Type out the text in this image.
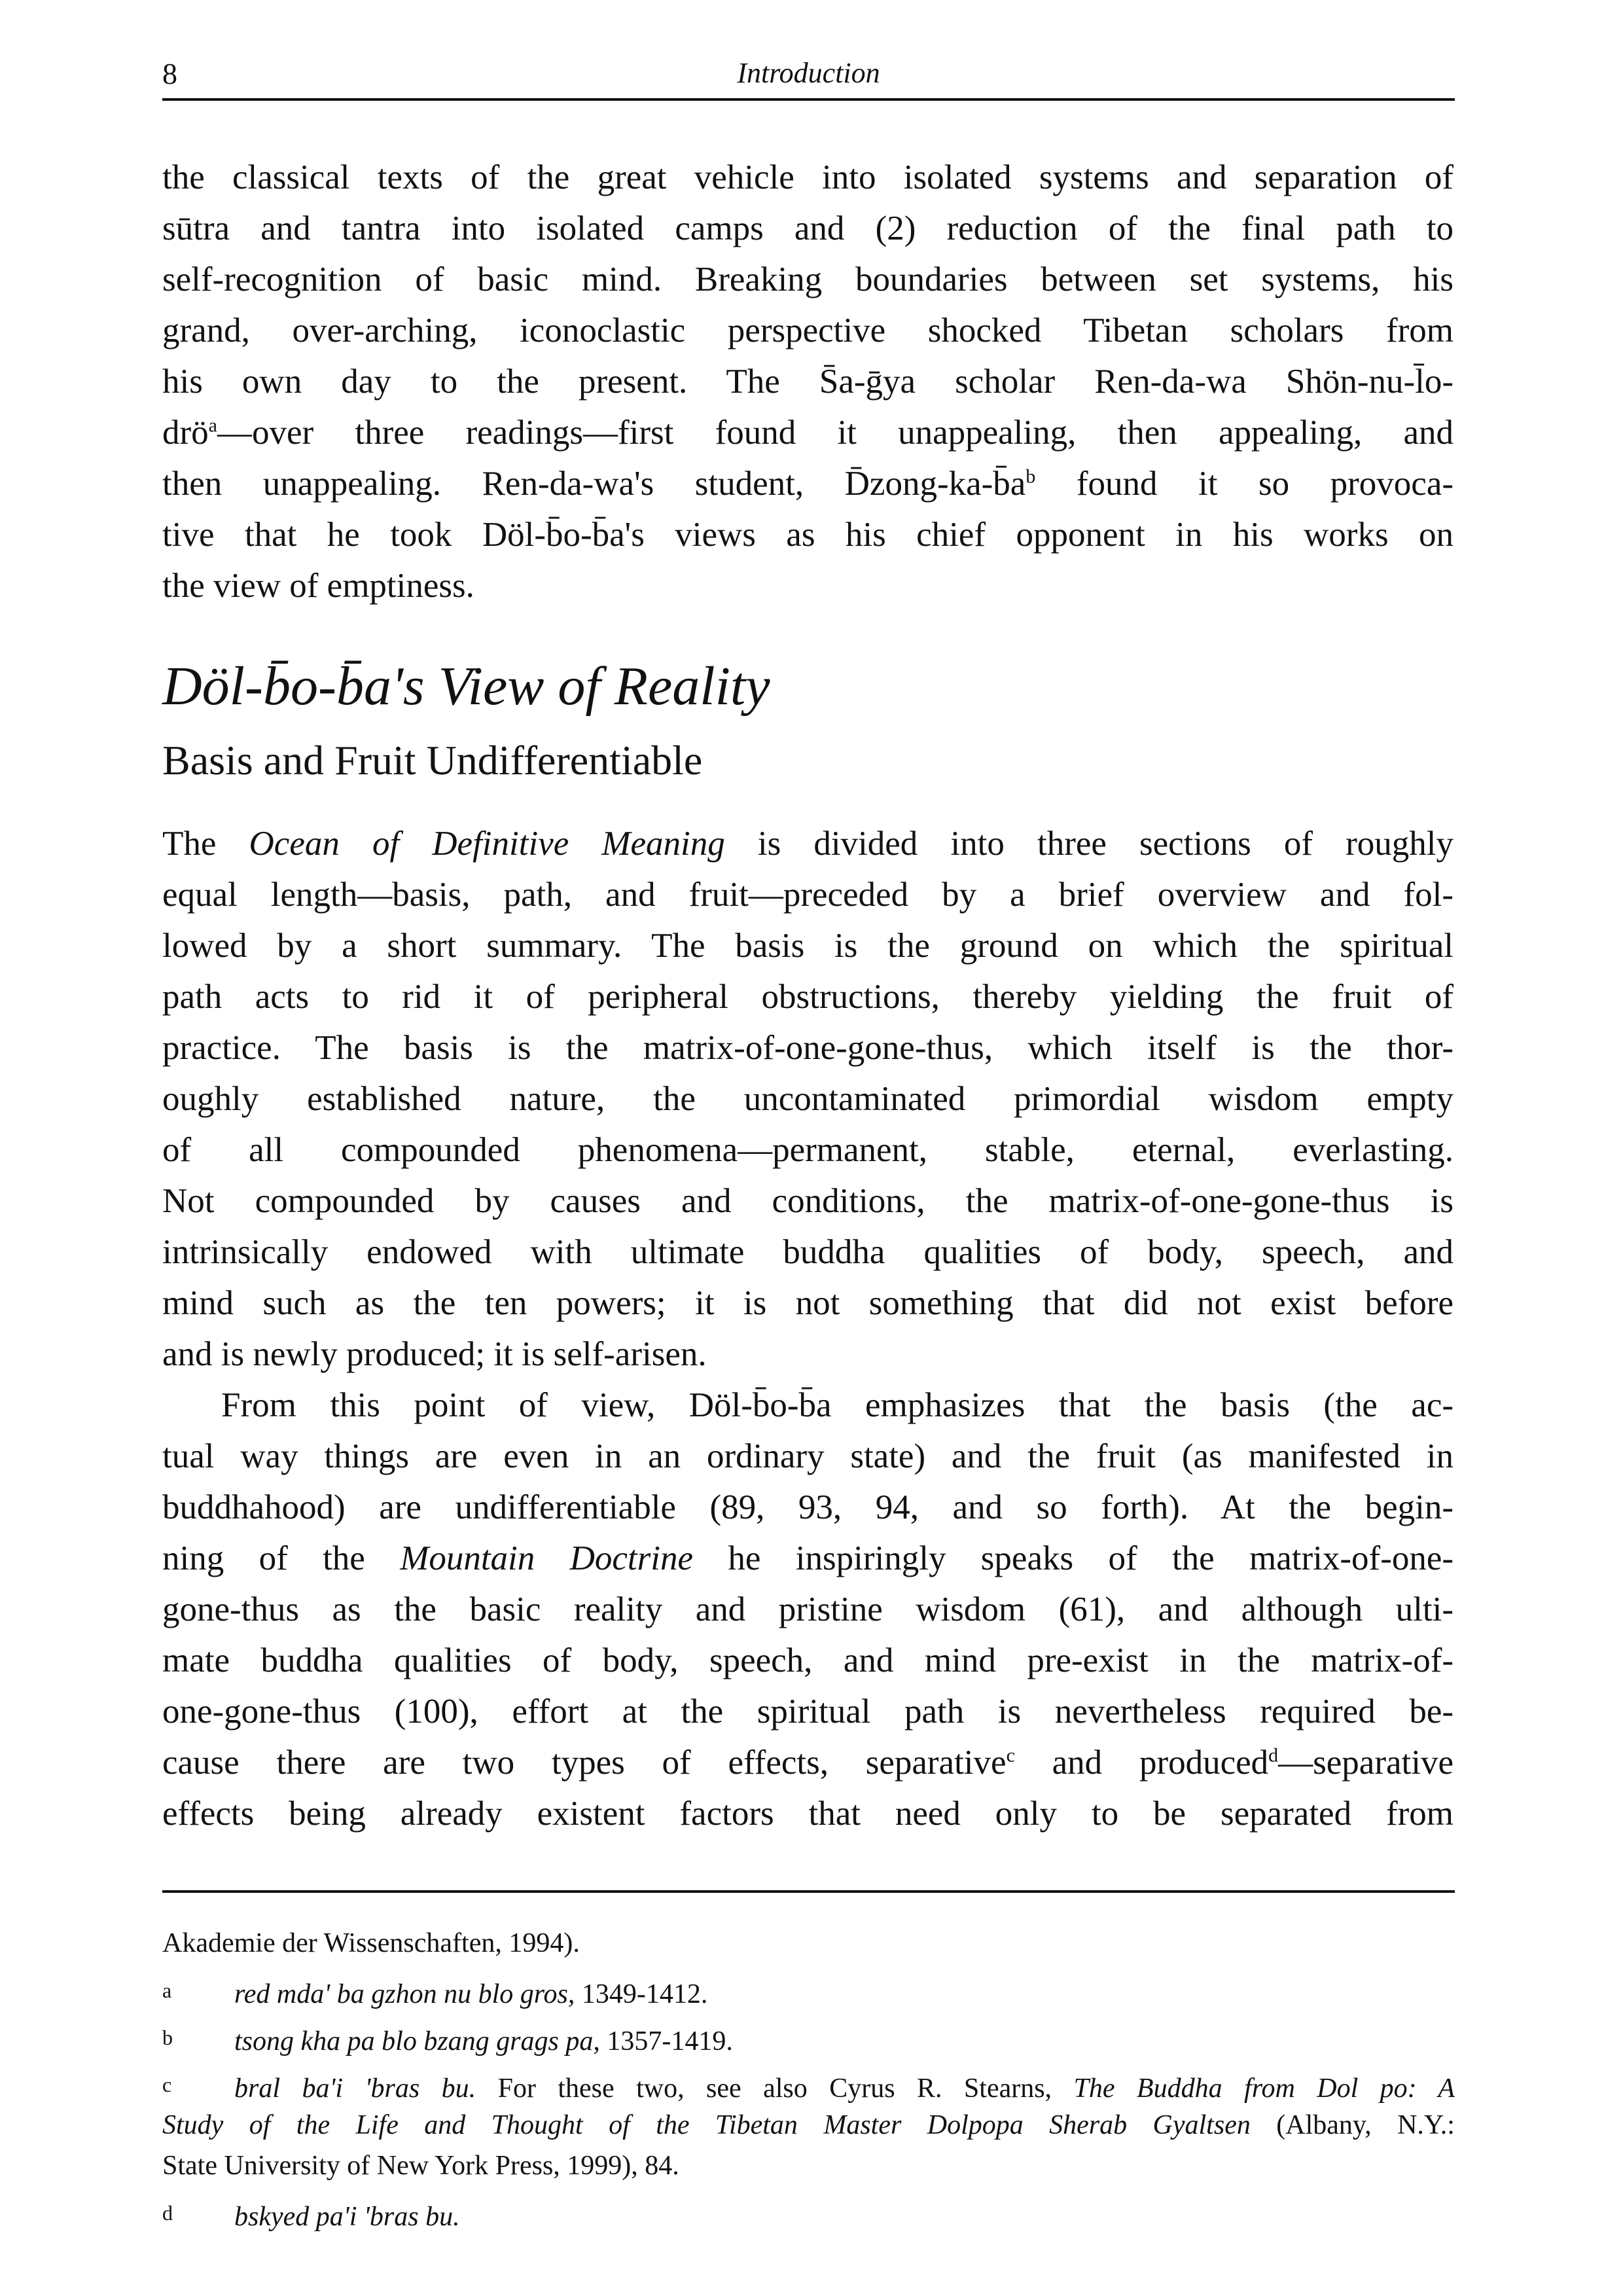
8	Introduction
the classical texts of the great vehicle into isolated systems and separation of
sūtra and tantra into isolated camps and (2) reduction of the final path to
self-recognition of basic mind. Breaking boundaries between set systems, his
grand, over-arching, iconoclastic perspective shocked Tibetan scholars from
his own day to the present. The S̄a-ḡya scholar Ren-da-wa Shön-nu-l̄o-
drö$^a$—over three readings—first found it unappealing, then appealing, and
then unappealing. Ren-da-wa's student, $D̄zong-ka-b̄a^b$ found it so provoca-
tive that he took Döl-b̄o-b̄a's views as his chief opponent in his works on
the view of emptiness.
Döl-b̄o-b̄a's View of Reality
Basis and Fruit Undifferentiable
The Ocean of Definitive Meaning is divided into three sections of roughly
equal length—basis, path, and fruit—preceded by a brief overview and fol-
lowed by a short summary. The basis is the ground on which the spiritual
path acts to rid it of peripheral obstructions, thereby yielding the fruit of
practice. The basis is the matrix-of-one-gone-thus, which itself is the thor-
oughly established nature, the uncontaminated primordial wisdom empty
of all compounded phenomena—permanent, stable, eternal, everlasting.
Not compounded by causes and conditions, the matrix-of-one-gone-thus is
intrinsically endowed with ultimate buddha qualities of body, speech, and
mind such as the ten powers; it is not something that did not exist before
and is newly produced; it is self-arisen.
From this point of view, Döl-b̄o-b̄a emphasizes that the basis (the ac-
tual way things are even in an ordinary state) and the fruit (as manifested in
buddhahood) are undifferentiable (89, 93, 94, and so forth). At the begin-
ning of the Mountain Doctrine he inspiringly speaks of the matrix-of-one-
gone-thus as the basic reality and pristine wisdom (61), and although ulti-
mate buddha qualities of body, speech, and mind pre-exist in the matrix-of-
one-gone-thus (100), effort at the spiritual path is nevertheless required be-
cause there are two types of effects, separative$^c$ and produced$^d$—separative
effects being already existent factors that need only to be separated from
Akademie der Wissenschaften, 1994).
a red mda' ba gzhon nu blo gros, 1349-1412.
b tsong kha pa blo bzang grags pa, 1357-1419.
c bral ba'i 'bras bu. For these two, see also Cyrus R. Stearns, The Buddha from Dol po: A
Study of the Life and Thought of the Tibetan Master Dolpopa Sherab Gyaltsen (Albany, N.Y.:
State University of New York Press, 1999), 84.
d bskyed pa'i 'bras bu.
